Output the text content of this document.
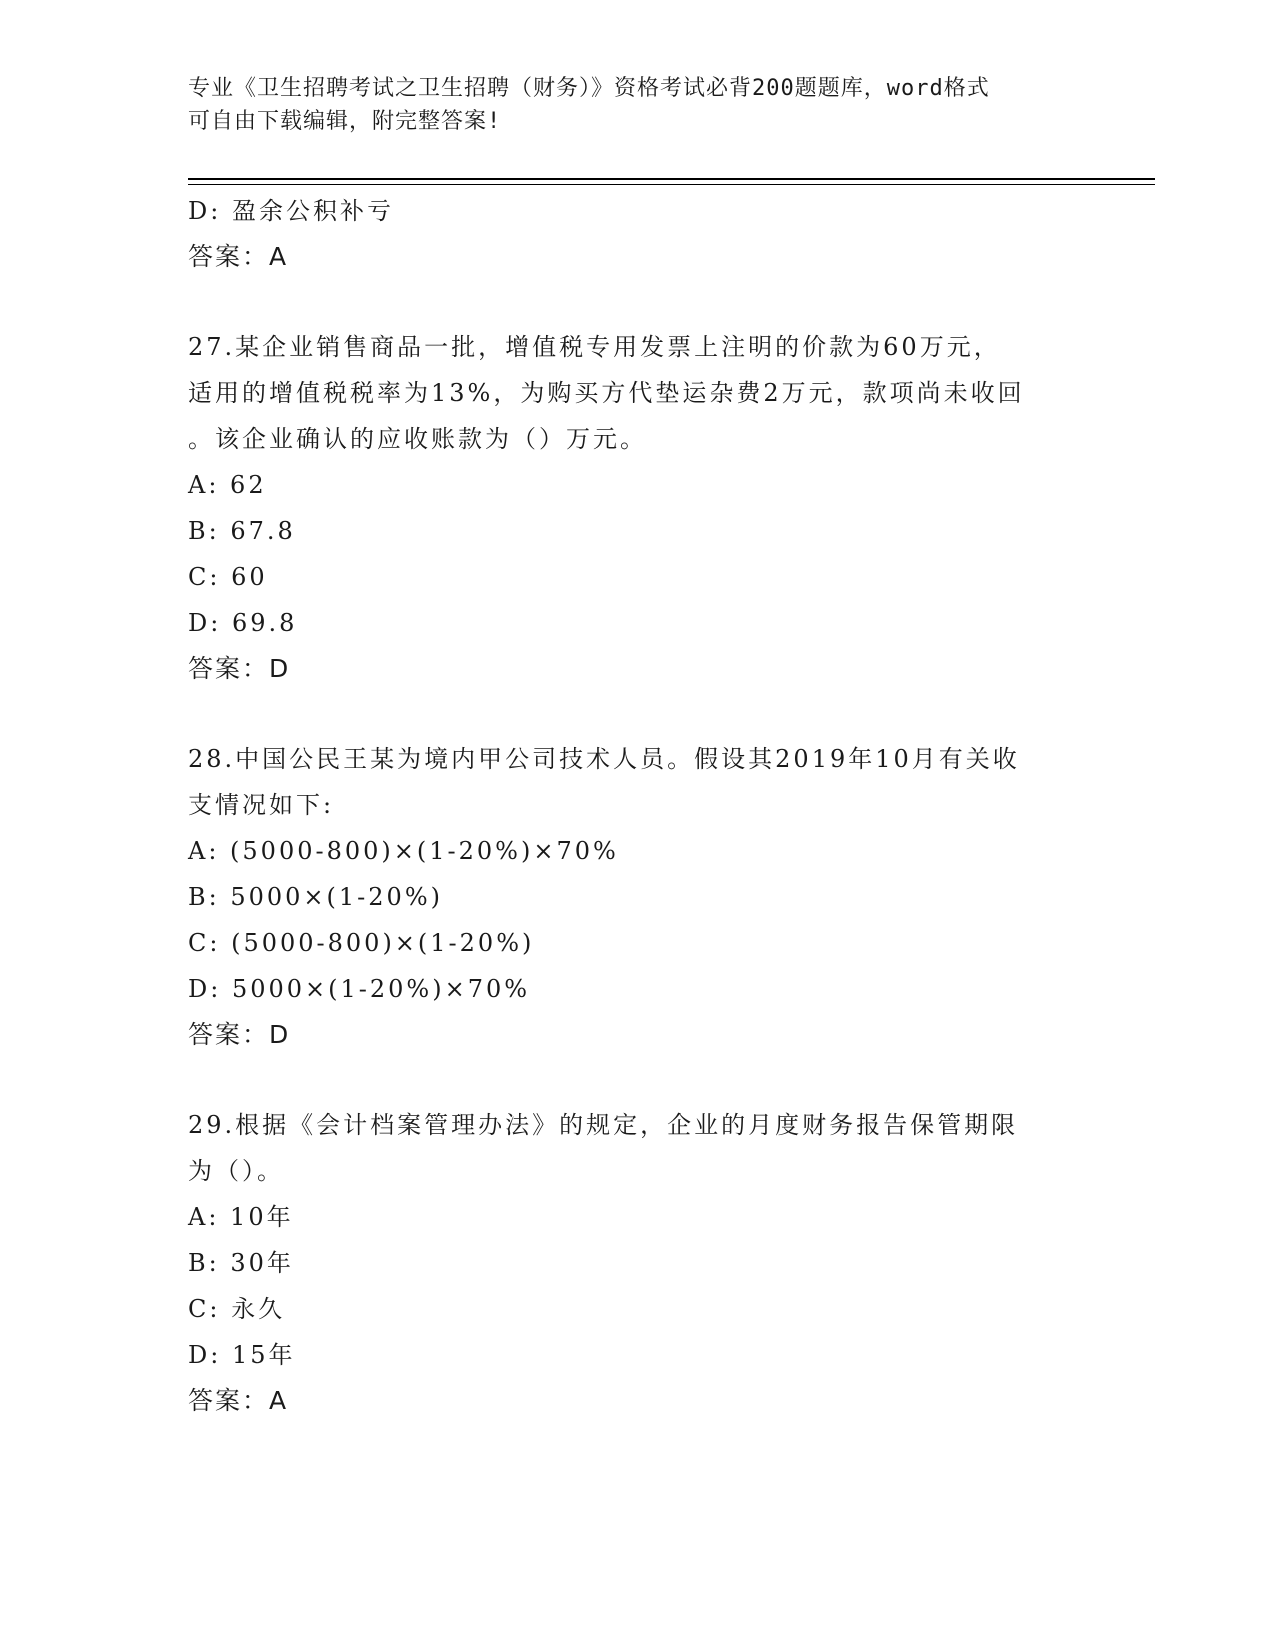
专业《卫生招聘考试之卫生招聘（财务）》资格考试必背200题题库，word格式
可自由下载编辑，附完整答案!
D: 盈余公积补亏
答案：A
27.某企业销售商品一批，增值税专用发票上注明的价款为60万元，
适用的增值税税率为13%，为购买方代垫运杂费2万元，款项尚未收回
。该企业确认的应收账款为（）万元。
A: 62
B: 67.8
C: 60
D: 69.8
答案：D
28.中国公民王某为境内甲公司技术人员。假设其2019年10月有关收
支情况如下:
A: (5000-800)×(1-20%)×70%
B: 5000×(1-20%)
C: (5000-800)×(1-20%)
D: 5000×(1-20%)×70%
答案：D
29.根据《会计档案管理办法》的规定，企业的月度财务报告保管期限
为（）。
A: 10年
B: 30年
C: 永久
D: 15年
答案：A
